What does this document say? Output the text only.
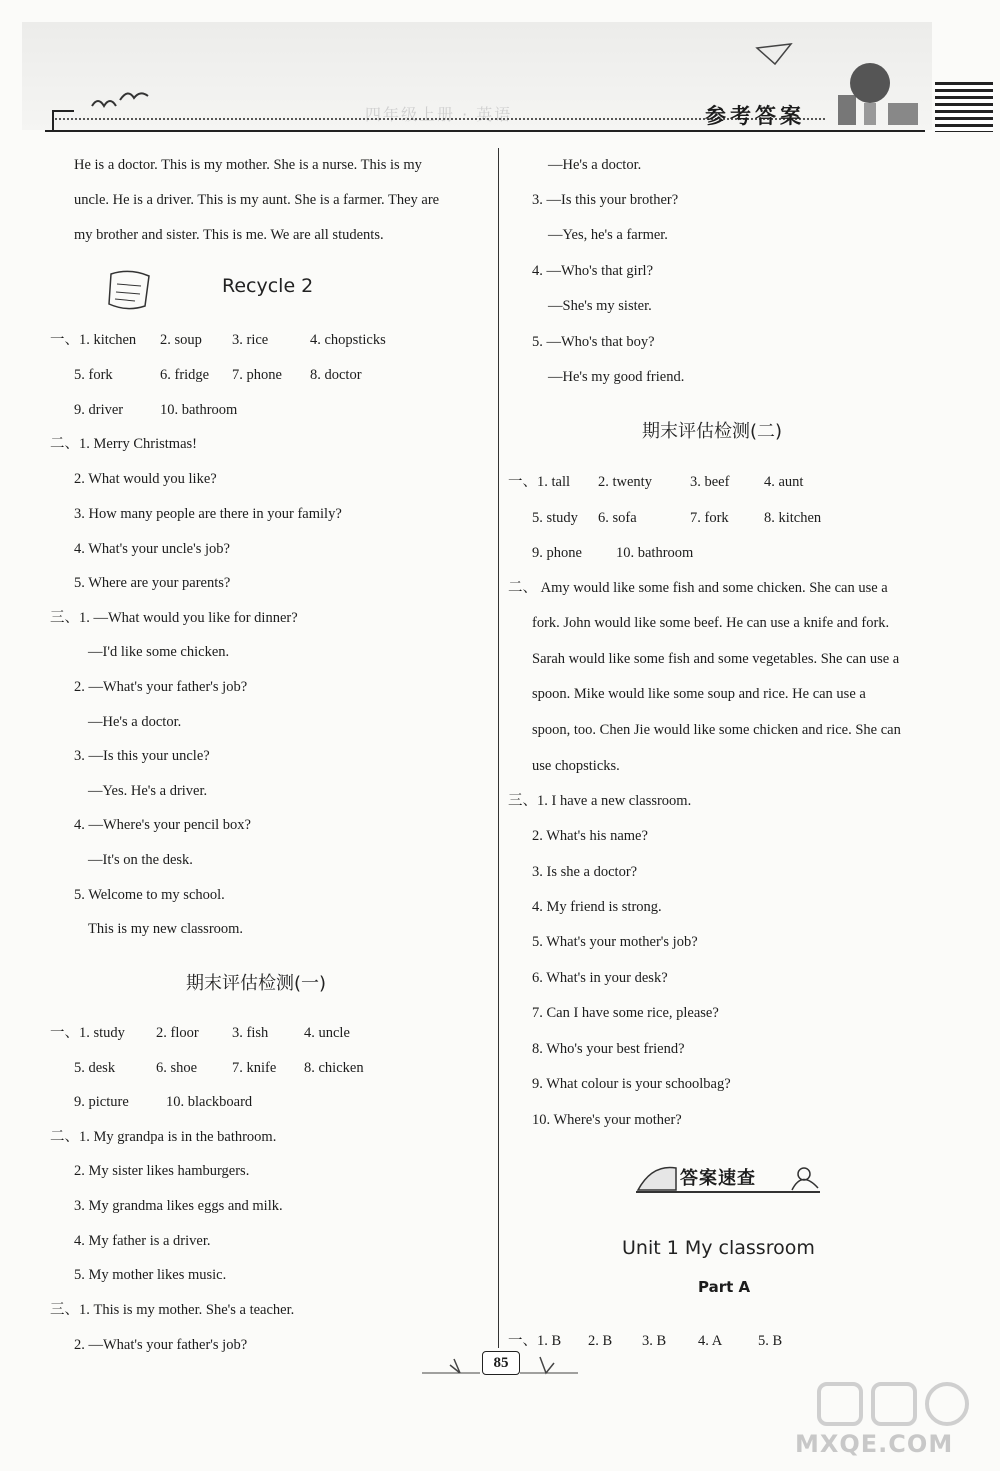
四年级上册 · 英语	参考答案
He is a doctor. This is my mother. She is a nurse. This is my
uncle. He is a driver. This is my aunt. She is a farmer. They are
my brother and sister. This is me. We are all students.
Recycle 2
一、1. kitchen 2. soup 3. rice	4. chopsticks
5. fork	6. fridge 7. phone 8. doctor
9. driver	10. bathroom
二、1. Merry Christmas!
2. What would you like?
3. How many people are there in your family?
4. What's your uncle's job?
5. Where are your parents?
三、1. —What would you like for dinner?
—I'd like some chicken.
2. —What's your father's job?
—He's a doctor.
3. —Is this your uncle?
—Yes. He's a driver.
4. —Where's your pencil box?
—It's on the desk.
5. Welcome to my school.
This is my new classroom.
期末评估检测(一)
一、1. study 2. floor 3. fish 4. uncle
5. desk	6. shoe 7. knife 8. chicken
9. picture	10. blackboard
二、1. My grandpa is in the bathroom.
2. My sister likes hamburgers.
3. My grandma likes eggs and milk.
4. My father is a driver.
5. My mother likes music.
三、1. This is my mother. She's a teacher.
2. —What's your father's job?
—He's a doctor.
3. —Is this your brother?
—Yes, he's a farmer.
4. —Who's that girl?
—She's my sister.
5. —Who's that boy?
—He's my good friend.
期末评估检测(二)
一、1. tall 2. twenty	3. beef 4. aunt
5. study 6. sofa	7. fork 8. kitchen
9. phone 10. bathroom
二、 Amy would like some fish and some chicken. She can use a
fork. John would like some beef. He can use a knife and fork.
Sarah would like some fish and some vegetables. She can use a
spoon. Mike would like some soup and rice. He can use a
spoon, too. Chen Jie would like some chicken and rice. She can
use chopsticks.
三、1. I have a new classroom.
2. What's his name?
3. Is she a doctor?
4. My friend is strong.
5. What's your mother's job?
6. What's in your desk?
7. Can I have some rice, please?
8. Who's your best friend?
9. What colour is your schoolbag?
10. Where's your mother?
答案速查
Unit 1 My classroom
Part A
一、1. B 2. B 3. B 4. A 5. B
85
MXQE.COM
